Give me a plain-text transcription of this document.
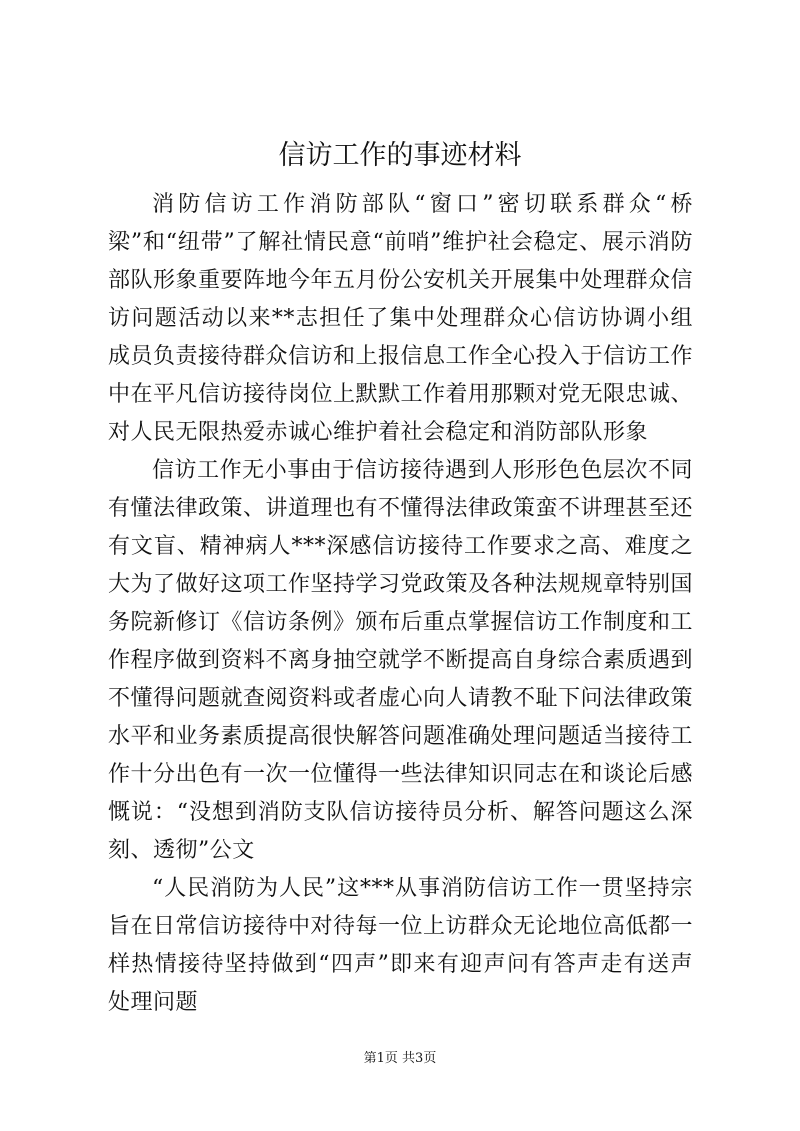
信访工作的事迹材料

消防信访工作消防部队“窗口”密切联系群众“桥梁”和“纽带”了解社情民意“前哨”维护社会稳定、展示消防部队形象重要阵地今年五月份公安机关开展集中处理群众信访问题活动以来**志担任了集中处理群众心信访协调小组成员负责接待群众信访和上报信息工作全心投入于信访工作中在平凡信访接待岗位上默默工作着用那颗对党无限忠诚、对人民无限热爱赤诚心维护着社会稳定和消防部队形象

信访工作无小事由于信访接待遇到人形形色色层次不同有懂法律政策、讲道理也有不懂得法律政策蛮不讲理甚至还有文盲、精神病人***深感信访接待工作要求之高、难度之大为了做好这项工作坚持学习党政策及各种法规规章特别国务院新修订《信访条例》颁布后重点掌握信访工作制度和工作程序做到资料不离身抽空就学不断提高自身综合素质遇到不懂得问题就查阅资料或者虚心向人请教不耻下问法律政策水平和业务素质提高很快解答问题准确处理问题适当接待工作十分出色有一次一位懂得一些法律知识同志在和谈论后感慨说：“没想到消防支队信访接待员分析、解答问题这么深刻、透彻”公文

“人民消防为人民”这***从事消防信访工作一贯坚持宗旨在日常信访接待中对待每一位上访群众无论地位高低都一样热情接待坚持做到“四声”即来有迎声问有答声走有送声处理问题

第1页 共3页
